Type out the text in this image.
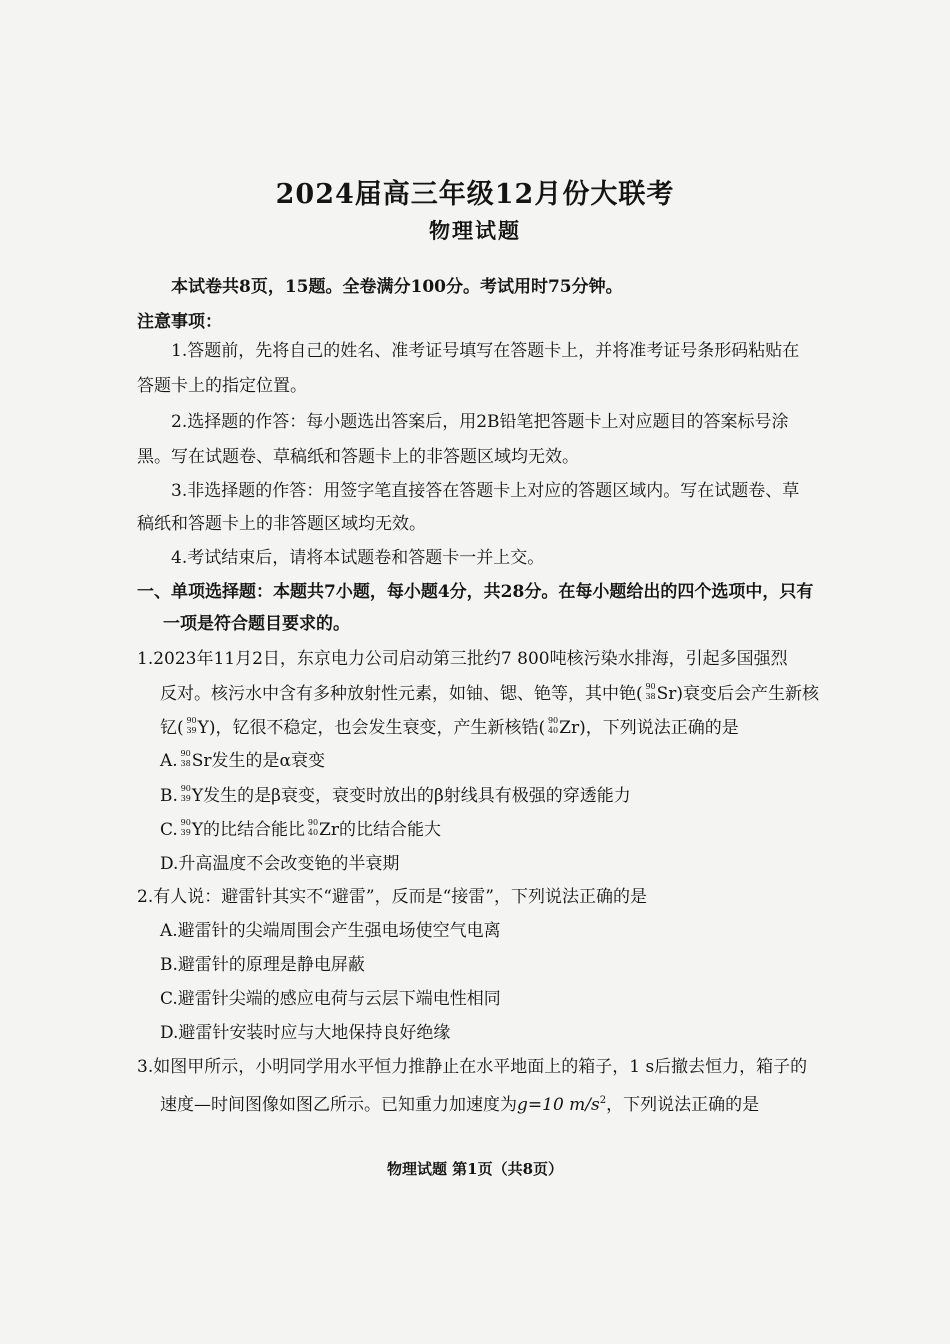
2024届高三年级12月份大联考
物理试题
本试卷共8页，15题。全卷满分100分。考试用时75分钟。
注意事项：
1.答题前，先将自己的姓名、准考证号填写在答题卡上，并将准考证号条形码粘贴在
答题卡上的指定位置。
2.选择题的作答：每小题选出答案后，用2B铅笔把答题卡上对应题目的答案标号涂
黑。写在试题卷、草稿纸和答题卡上的非答题区域均无效。
3.非选择题的作答：用签字笔直接答在答题卡上对应的答题区域内。写在试题卷、草
稿纸和答题卡上的非答题区域均无效。
4.考试结束后，请将本试题卷和答题卡一并上交。
一、单项选择题：本题共7小题，每小题4分，共28分。在每小题给出的四个选项中，只有
一项是符合题目要求的。
1.2023年11月2日，东京电力公司启动第三批约7 800吨核污染水排海，引起多国强烈
反对。核污水中含有多种放射性元素，如铀、锶、铯等，其中铯( 90
38 Sr)衰变后会产生新核
钇( 90
39 Y)，钇很不稳定，也会发生衰变，产生新核锆( 90
40 Zr)，下列说法正确的是
A. 90
38 Sr发生的是α衰变
B. 90
39 Y发生的是β衰变，衰变时放出的β射线具有极强的穿透能力
C. 90
39 Y的比结合能比 90
40 Zr的比结合能大
D.升高温度不会改变铯的半衰期
2.有人说：避雷针其实不“避雷”，反而是“接雷”，下列说法正确的是
A.避雷针的尖端周围会产生强电场使空气电离
B.避雷针的原理是静电屏蔽
C.避雷针尖端的感应电荷与云层下端电性相同
D.避雷针安装时应与大地保持良好绝缘
3.如图甲所示，小明同学用水平恒力推静止在水平地面上的箱子，1 s后撤去恒力，箱子的
速度—时间图像如图乙所示。已知重力加速度为g=10 $m/s^2$，下列说法正确的是
物理试题 第1页（共8页）
